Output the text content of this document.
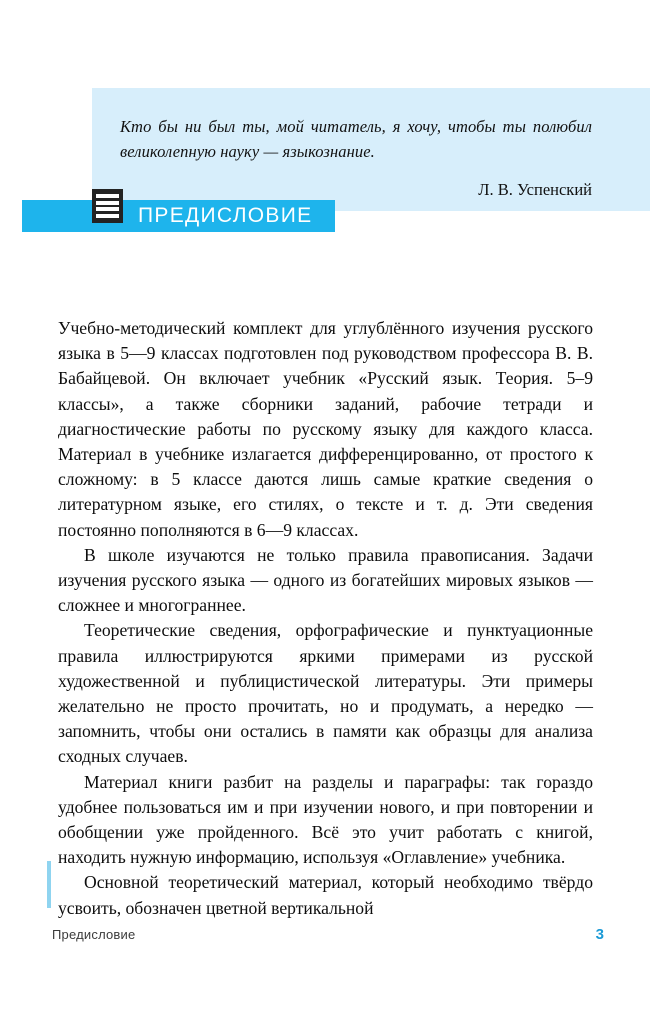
Кто бы ни был ты, мой читатель, я хочу, чтобы ты полюбил великолепную науку — языкознание.

Л. В. Успенский

ПРЕДИСЛОВИЕ

Учебно-методический комплект для углублённого изучения русского языка в 5—9 классах подготовлен под руководством профессора В. В. Бабайцевой. Он включает учебник «Русский язык. Теория. 5–9 классы», а также сборники заданий, рабочие тетради и диагностические работы по русскому языку для каждого класса. Материал в учебнике излагается дифференцированно, от простого к сложному: в 5 классе даются лишь самые краткие сведения о литературном языке, его стилях, о тексте и т. д. Эти сведения постоянно пополняются в 6—9 классах.

В школе изучаются не только правила правописания. Задачи изучения русского языка — одного из богатейших мировых языков — сложнее и многограннее.

Теоретические сведения, орфографические и пунктуационные правила иллюстрируются яркими примерами из русской художественной и публицистической литературы. Эти примеры желательно не просто прочитать, но и продумать, а нередко — запомнить, чтобы они остались в памяти как образцы для анализа сходных случаев.

Материал книги разбит на разделы и параграфы: так гораздо удобнее пользоваться им и при изучении нового, и при повторении и обобщении уже пройденного. Всё это учит работать с книгой, находить нужную информацию, используя «Оглавление» учебника.

Основной теоретический материал, который необходимо твёрдо усвоить, обозначен цветной вертикальной

Предисловие	3
